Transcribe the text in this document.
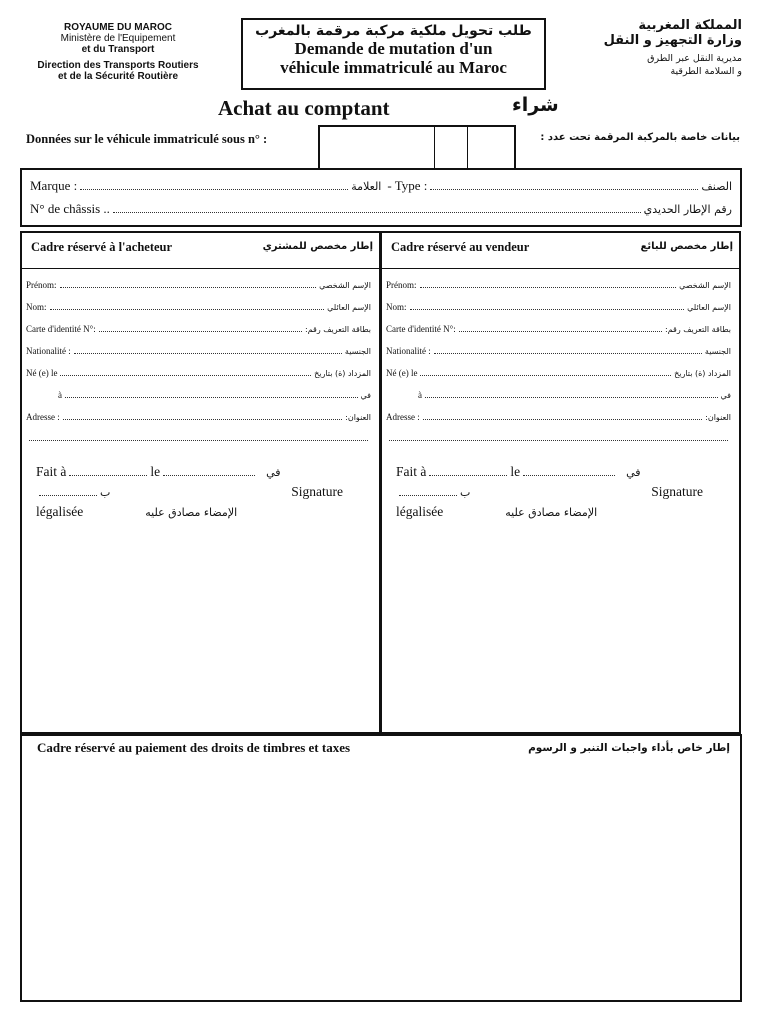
ROYAUME DU MAROC
Ministère de l'Equipement
et du Transport
Direction des Transports Routiers
et de la Sécurité Routière
المملكة المغربية
وزارة التجهيز و النقل
مديرية النقل عبر الطرق
و السلامة الطرقية
طلب تحويل ملكية مركبة مرقمة بالمغرب
Demande de mutation d'un
véhicule immatriculé au Maroc
Achat au comptant	شراء
Données sur le véhicule immatriculé sous n° :	بيانات خاصة بالمركبة المرقمة تحت عدد :
Marque :	العلامة - Type :	الصنف
N° de châssis ..	رقم الإطار الحديدي
Cadre réservé à l'acheteur	إطار مخصص للمشتري
Prénom:	الإسم الشخصي
Nom:	الإسم العائلي
Carte d'identité N°:	بطاقة التعريف رقم:
Nationalité :	الجنسية
Né (e) le	المزداد (ة) بتاريخ
à	في
Adresse :	العنوان:
Fait à	le	في
ب	Signature
légalisée	الإمضاء مصادق عليه
Cadre réservé au vendeur	إطار مخصص للبائع
Prénom:	الإسم الشخصي
Nom:	الإسم العائلي
Carte d'identité N°:	بطاقة التعريف رقم:
Nationalité :	الجنسية
Né (e) le	المزداد (ة) بتاريخ
à	في
Adresse :	العنوان:
Fait à	le	في
ب	Signature
légalisée	الإمضاء مصادق عليه
Cadre réservé au paiement des droits de timbres et taxes	إطار خاص بأداء واجبات التنبر و الرسوم
